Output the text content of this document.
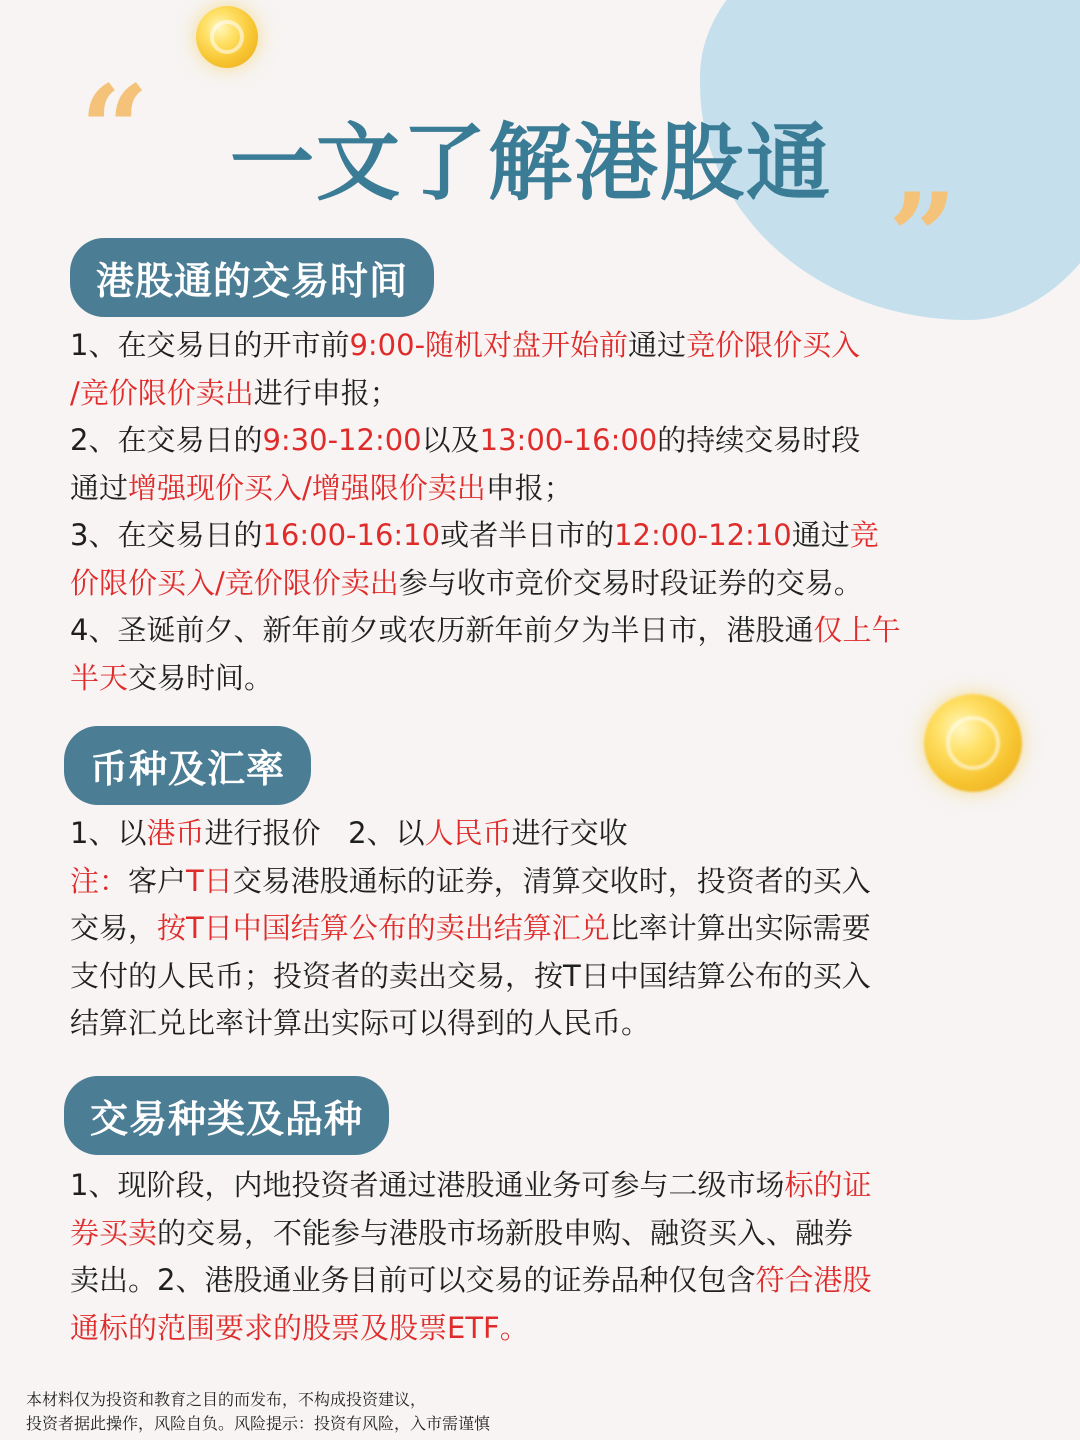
“
”
一文了解港股通
港股通的交易时间

1、在交易日的开市前9:00-随机对盘开始前通过竞价限价买入
/竞价限价卖出进行申报；
2、在交易日的9:30-12:00以及13:00-16:00的持续交易时段
通过增强现价买入/增强限价卖出申报；
3、在交易日的16:00-16:10或者半日市的12:00-12:10通过竞
价限价买入/竞价限价卖出参与收市竞价交易时段证券的交易。
4、圣诞前夕、新年前夕或农历新年前夕为半日市，港股通仅上午
半天交易时间。

币种及汇率

1、以港币进行报价   2、以人民币进行交收
注：客户T日交易港股通标的证券，清算交收时，投资者的买入
交易，按T日中国结算公布的卖出结算汇兑比率计算出实际需要
支付的人民币；投资者的卖出交易，按T日中国结算公布的买入
结算汇兑比率计算出实际可以得到的人民币。

交易种类及品种

1、现阶段，内地投资者通过港股通业务可参与二级市场标的证
券买卖的交易，不能参与港股市场新股申购、融资买入、融券
卖出。2、港股通业务目前可以交易的证券品种仅包含符合港股
通标的范围要求的股票及股票ETF。

本材料仅为投资和教育之目的而发布，不构成投资建议，
投资者据此操作，风险自负。风险提示：投资有风险，入市需谨慎
